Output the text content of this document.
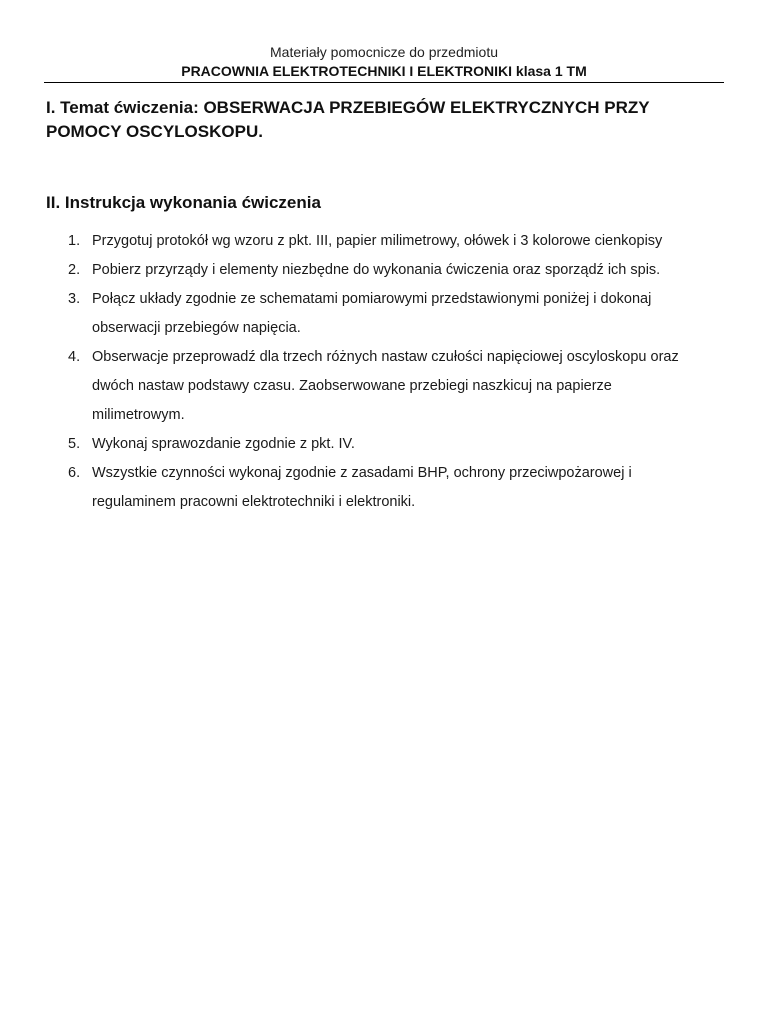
Materiały pomocnicze do przedmiotu
PRACOWNIA ELEKTROTECHNIKI I ELEKTRONIKI klasa 1 TM
I. Temat ćwiczenia: OBSERWACJA PRZEBIEGÓW ELEKTRYCZNYCH PRZY POMOCY OSCYLOSKOPU.
II. Instrukcja wykonania ćwiczenia
1. Przygotuj protokół wg wzoru z pkt. III, papier milimetrowy, ołówek i 3 kolorowe cienkopisy
2. Pobierz przyrządy i elementy niezbędne do wykonania ćwiczenia oraz sporządź ich spis.
3. Połącz układy zgodnie ze schematami pomiarowymi przedstawionymi poniżej i dokonaj obserwacji przebiegów napięcia.
4. Obserwacje przeprowadź dla trzech różnych nastaw czułości napięciowej oscyloskopu oraz dwóch nastaw podstawy czasu. Zaobserwowane przebiegi naszkicuj na papierze milimetrowym.
5. Wykonaj sprawozdanie zgodnie z pkt. IV.
6. Wszystkie czynności wykonaj zgodnie z zasadami BHP, ochrony przeciwpożarowej i regulaminem pracowni elektrotechniki i elektroniki.
